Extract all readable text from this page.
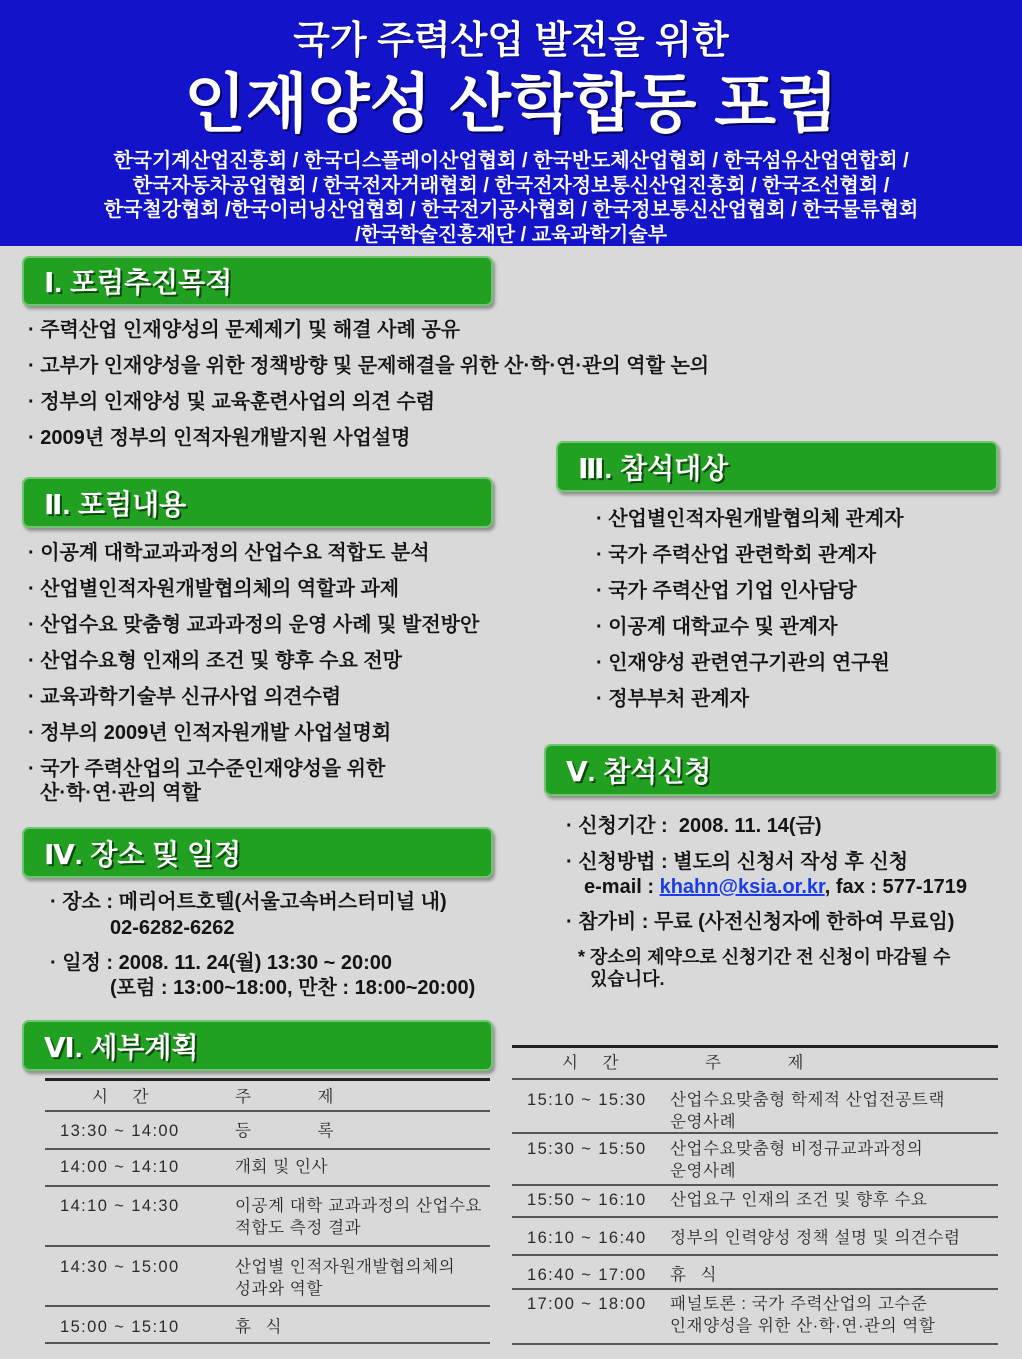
국가 주력산업 발전을 위한
인재양성 산학합동 포럼
한국기계산업진흥회 / 한국디스플레이산업협회 / 한국반도체산업협회 / 한국섬유산업연합회 /
한국자동차공업협회 / 한국전자거래협회 / 한국전자정보통신산업진흥회 / 한국조선협회 /
한국철강협회 /한국이러닝산업협회 / 한국전기공사협회 / 한국정보통신산업협회 / 한국물류협회
/한국학술진흥재단 / 교육과학기술부
Ⅰ. 포럼추진목적
· 주력산업 인재양성의 문제제기 및 해결 사례 공유
· 고부가 인재양성을 위한 정책방향 및 문제해결을 위한 산·학·연·관의 역할 논의
· 정부의 인재양성 및 교육훈련사업의 의견 수렴
· 2009년 정부의 인적자원개발지원 사업설명
Ⅱ. 포럼내용
· 이공계 대학교과과정의 산업수요 적합도 분석
· 산업별인적자원개발협의체의 역할과 과제
· 산업수요 맞춤형 교과과정의 운영 사례 및 발전방안
· 산업수요형 인재의 조건 및 향후 수요 전망
· 교육과학기술부 신규사업 의견수렴
· 정부의 2009년 인적자원개발 사업설명회
· 국가 주력산업의 고수준인재양성을 위한
산·학·연·관의 역할
Ⅲ. 참석대상
· 산업별인적자원개발협의체 관계자
· 국가 주력산업 관련학회 관계자
· 국가 주력산업 기업 인사담당
· 이공계 대학교수 및 관계자
· 인재양성 관련연구기관의 연구원
· 정부부처 관계자
Ⅴ. 참석신청
· 신청기간 :  2008. 11. 14(금)
· 신청방법 : 별도의 신청서 작성 후 신청
e-mail : khahn@ksia.or.kr, fax : 577-1719
· 참가비 : 무료 (사전신청자에 한하여 무료임)
* 장소의 제약으로 신청기간 전 신청이 마감될 수
있습니다.
Ⅳ. 장소 및 일정
· 장소 : 메리어트호텔(서울고속버스터미널 내)
02-6282-6262
· 일정 : 2008. 11. 24(월) 13:30 ~ 20:00
(포럼 : 13:00~18:00, 만찬 : 18:00~20:00)
Ⅵ. 세부계획
시 간	주 제
13:30 ~ 14:00	등 록
14:00 ~ 14:10	개회 및 인사
14:10 ~ 14:30	이공계 대학 교과과정의 산업수요
적합도 측정 결과
14:30 ~ 15:00	산업별 인적자원개발협의체의
성과와 역할
15:00 ~ 15:10	휴 식
시 간	주 제
15:10 ~ 15:30	산업수요맞춤형 학제적 산업전공트랙
운영사례
15:30 ~ 15:50	산업수요맞춤형 비정규교과과정의
운영사례
15:50 ~ 16:10	산업요구 인재의 조건 및 향후 수요
16:10 ~ 16:40	정부의 인력양성 정책 설명 및 의견수렴
16:40 ~ 17:00	휴 식
17:00 ~ 18:00	패널토론 : 국가 주력산업의 고수준
인재양성을 위한 산·학·연·관의 역할
